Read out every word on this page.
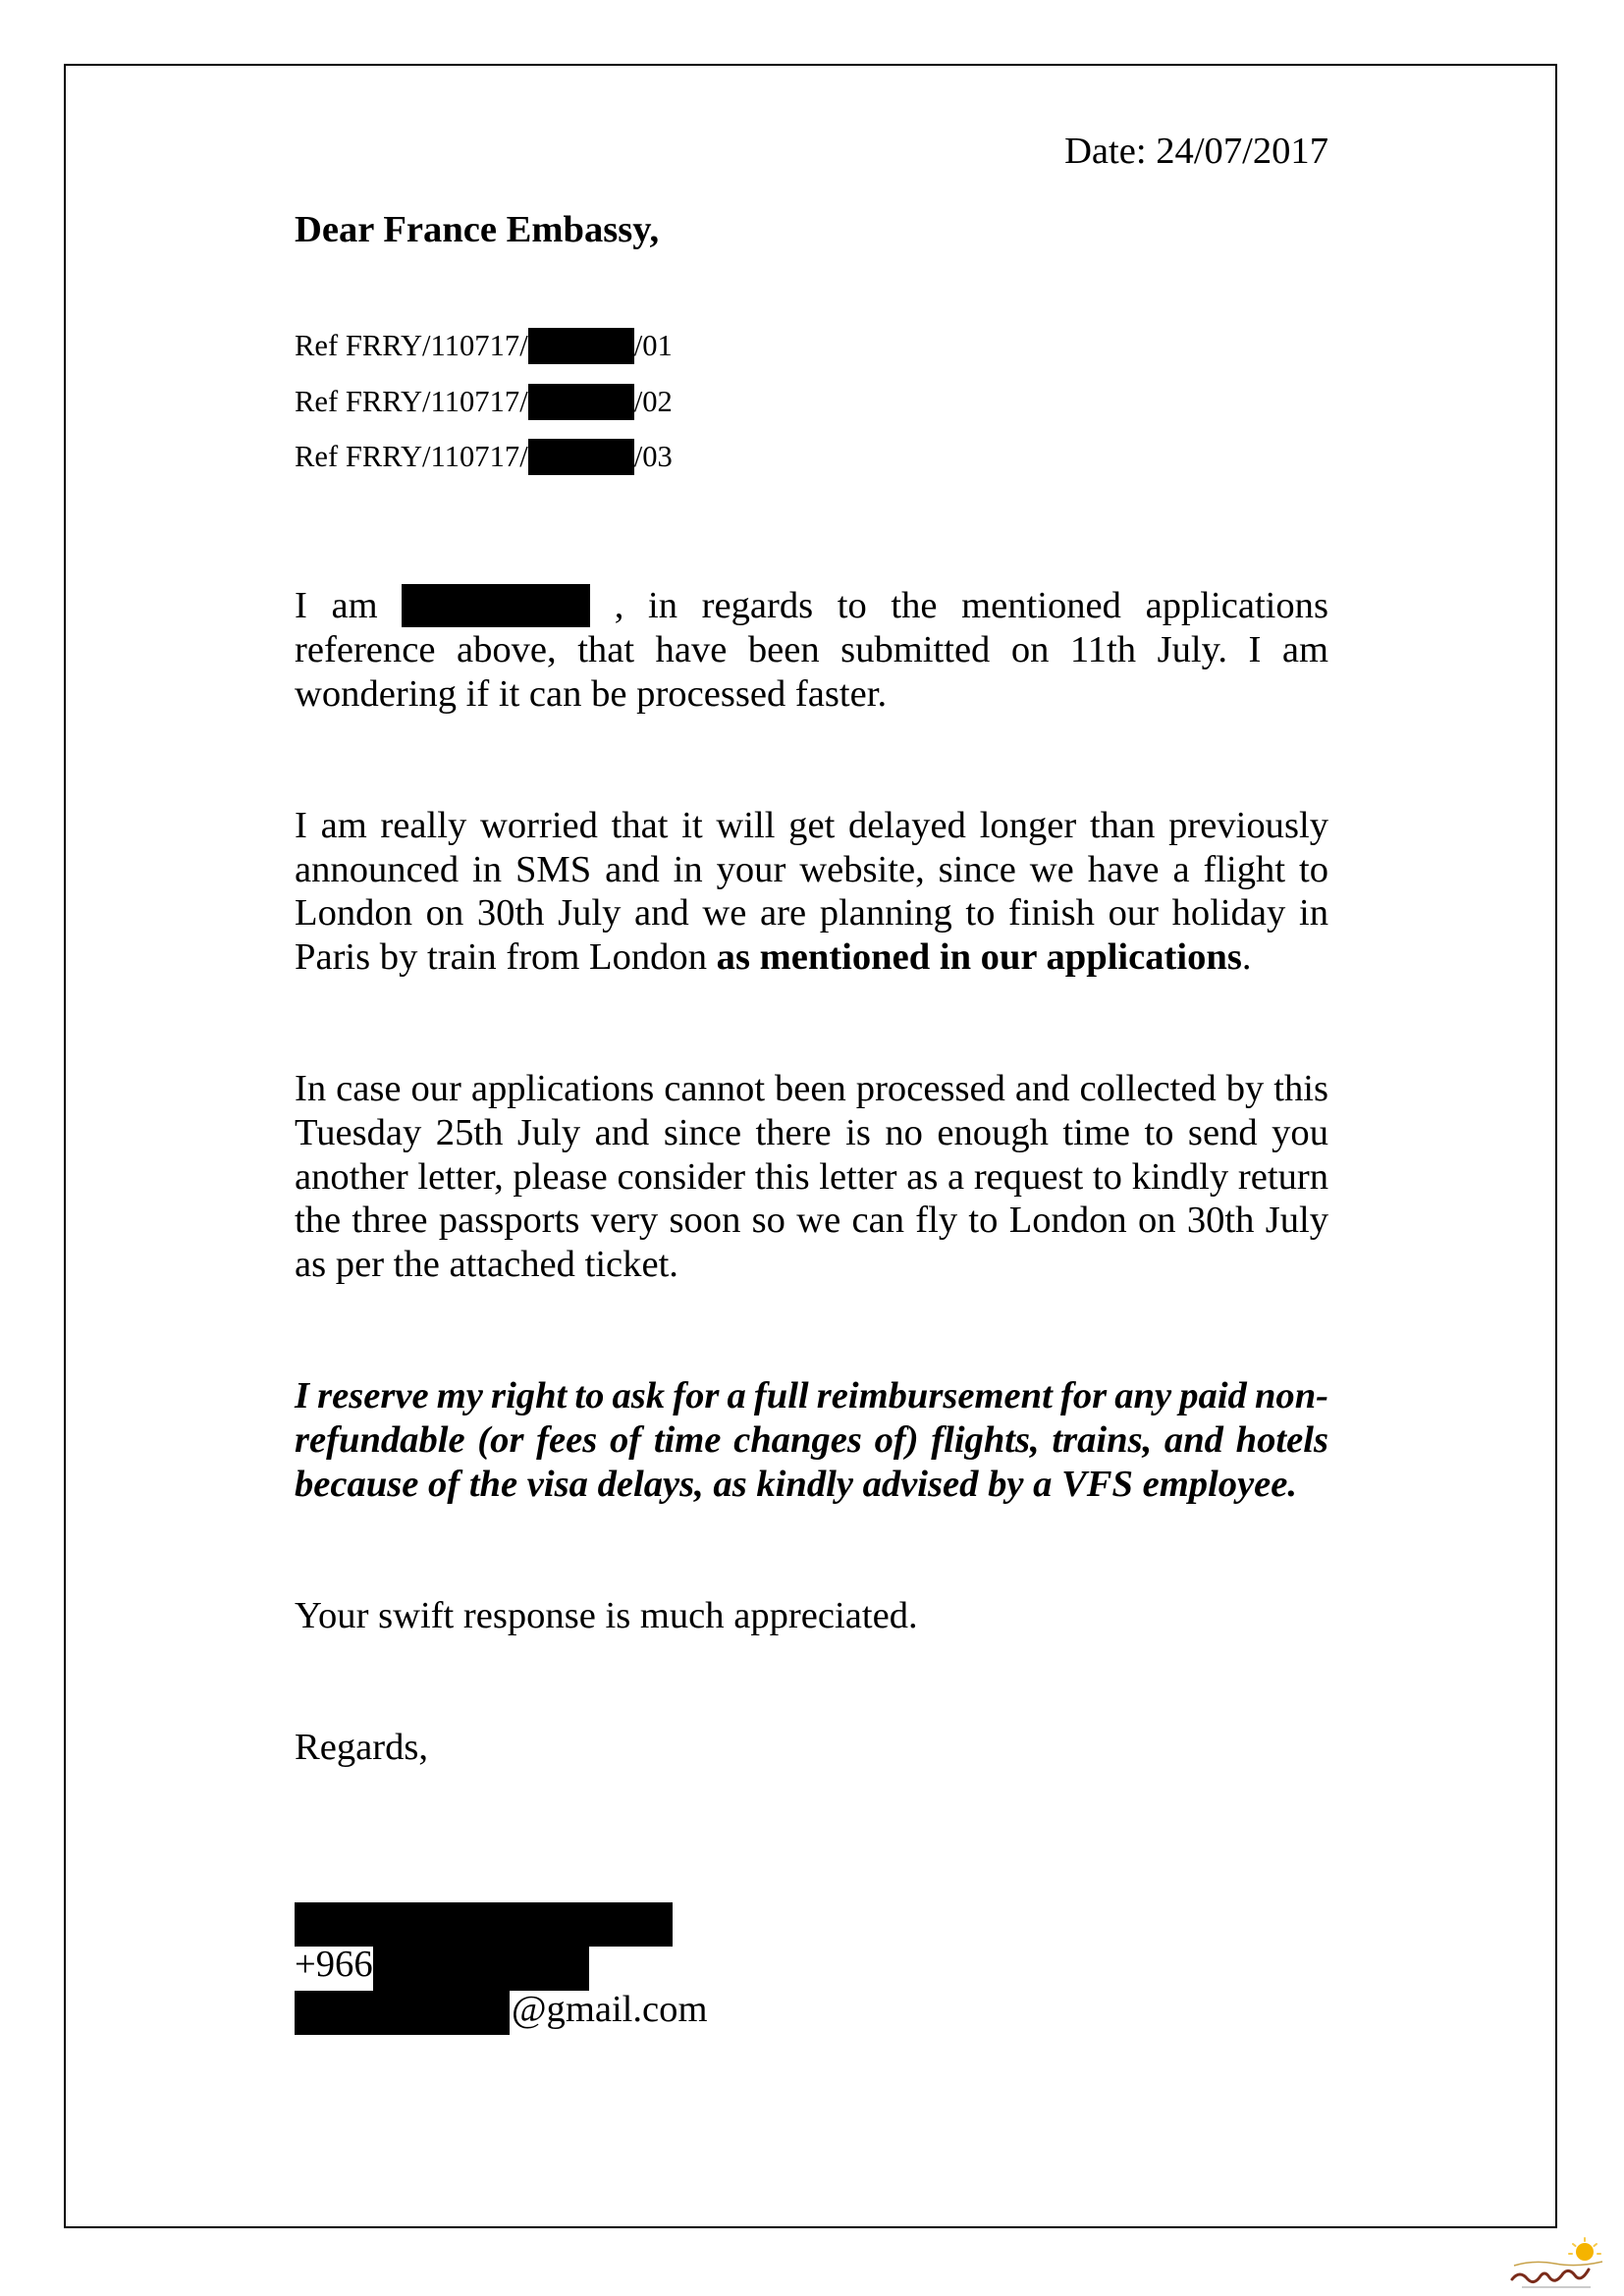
Date: 24/07/2017
Dear France Embassy,
Ref FRRY/110717/	/01
Ref FRRY/110717/	/02
Ref FRRY/110717/	/03
I am	, in regards to the mentioned applications
reference above, that have been submitted on 11th July. I am
wondering if it can be processed faster.
I am really worried that it will get delayed longer than previously
announced in SMS and in your website, since we have a flight to
London on 30th July and we are planning to finish our holiday in
Paris by train from London as mentioned in our applications.
In case our applications cannot been processed and collected by this
Tuesday 25th July and since there is no enough time to send you
another letter, please consider this letter as a request to kindly return
the three passports very soon so we can fly to London on 30th July
as per the attached ticket.
I reserve my right to ask for a full reimbursement for any paid non-
refundable (or fees of time changes of) flights, trains, and hotels
because of the visa delays, as kindly advised by a VFS employee.
Your swift response is much appreciated.
Regards,
+966
@gmail.com
